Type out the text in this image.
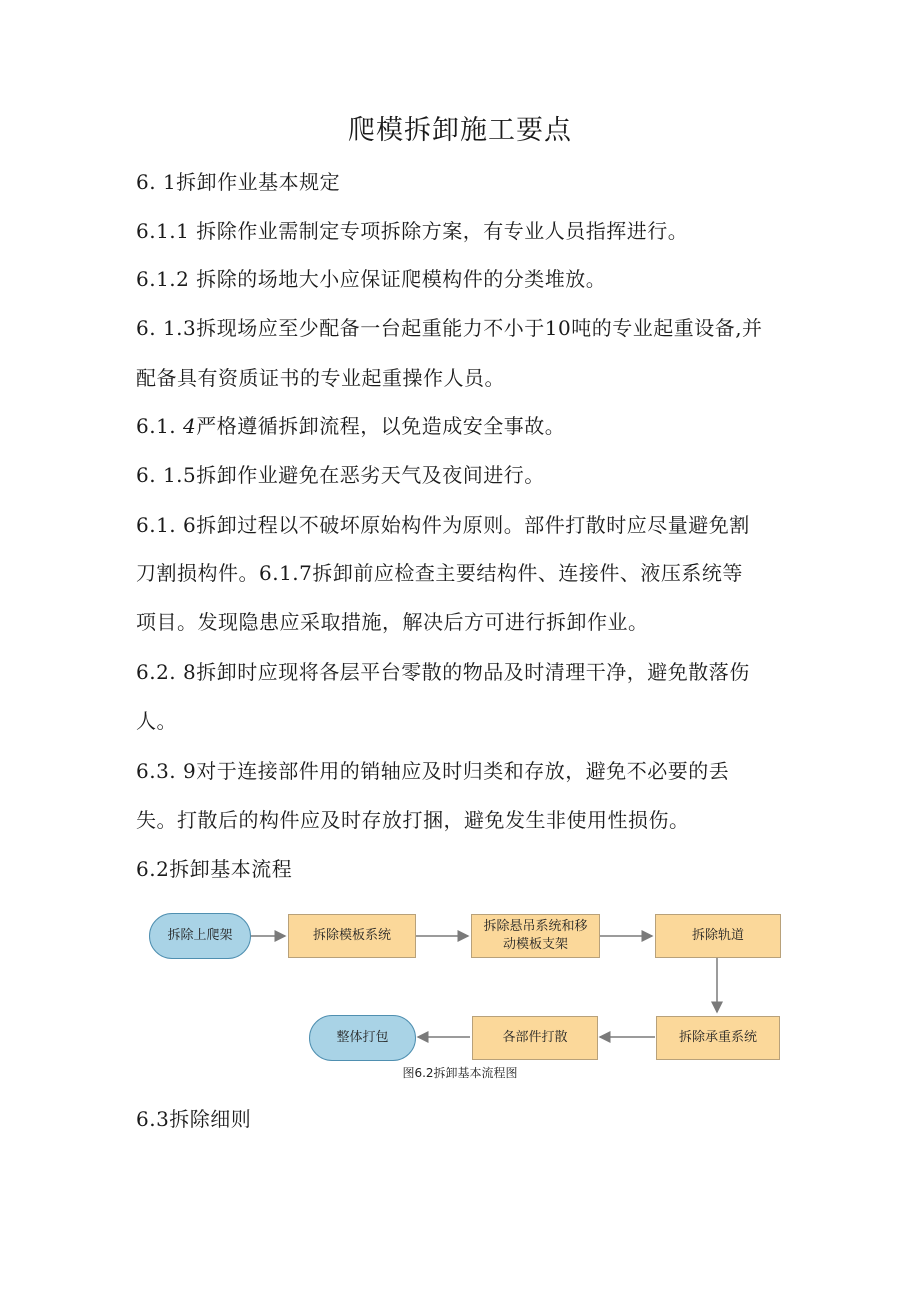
爬模拆卸施工要点
6. 1拆卸作业基本规定
6.1.1 拆除作业需制定专项拆除方案，有专业人员指挥进行。
6.1.2 拆除的场地大小应保证爬模构件的分类堆放。
6. 1.3拆现场应至少配备一台起重能力不小于10吨的专业起重设备,并
配备具有资质证书的专业起重操作人员。
6.1. 4严格遵循拆卸流程，以免造成安全事故。
6. 1.5拆卸作业避免在恶劣天气及夜间进行。
6.1. 6拆卸过程以不破坏原始构件为原则。部件打散时应尽量避免割
刀割损构件。6.1.7拆卸前应检查主要结构件、连接件、液压系统等
项目。发现隐患应采取措施，解决后方可进行拆卸作业。
6.2. 8拆卸时应现将各层平台零散的物品及时清理干净，避免散落伤
人。
6.3. 9对于连接部件用的销轴应及时归类和存放，避免不必要的丢
失。打散后的构件应及时存放打捆，避免发生非使用性损伤。
6.2拆卸基本流程
拆除上爬架	拆除模板系统
拆除悬吊系统和移
动模板支架
拆除轨道
拆除承重系统
各部件打散
整体打包
图6.2拆卸基本流程图
6.3拆除细则
